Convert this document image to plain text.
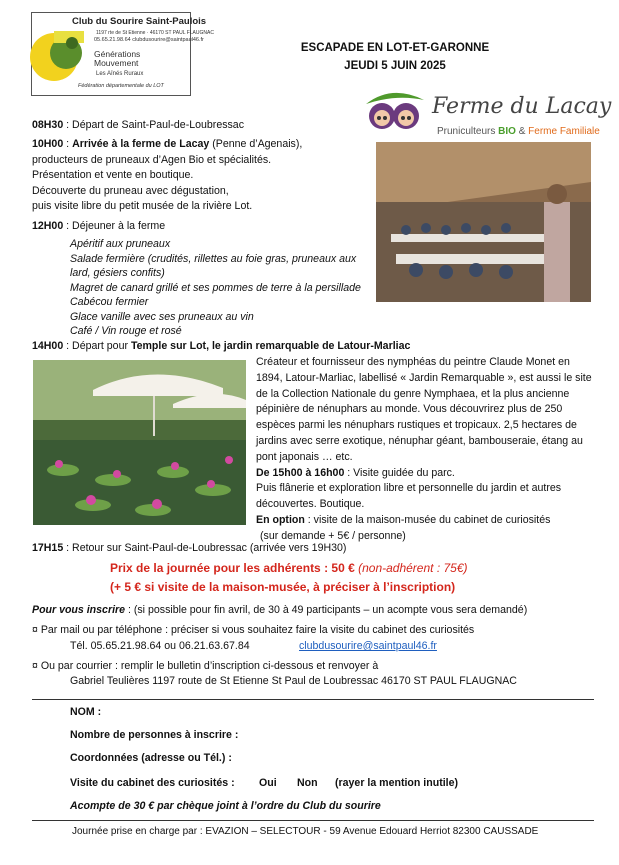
Club du Sourire Saint-Paulois
1197 rte de St Etienne · 46170 ST PAUL FLAUGNAC
05.65.21.98.64 clubdusourire@saintpaul46.fr
Générations
Mouvement
Les Aînés Ruraux
Fédération départementale du LOT
ESCAPADE EN LOT-ET-GARONNE
JEUDI 5 JUIN 2025
Ferme du Lacay
Pruniculteurs BIO & Ferme Familiale
08H30 : Départ de Saint-Paul-de-Loubressac
10H00 : Arrivée à la ferme de Lacay (Penne d’Agenais),
producteurs de pruneaux d’Agen Bio et spécialités.
Présentation et vente en boutique.
Découverte du pruneau avec dégustation,
puis visite libre du petit musée de la rivière Lot.
12H00 : Déjeuner à la ferme
Apéritif aux pruneaux
Salade fermière (crudités, rillettes au foie gras, pruneaux aux
lard, gésiers confits)
Magret de canard grillé et ses pommes de terre à la persillade
Cabécou fermier
Glace vanille avec ses pruneaux au vin
Café / Vin rouge et rosé
14H00 : Départ pour Temple sur Lot, le jardin remarquable de Latour-Marliac
Créateur et fournisseur des nymphéas du peintre Claude Monet en 1894, Latour-Marliac, labellisé « Jardin Remarquable », est aussi le site de la Collection Nationale du genre Nymphaea, et la plus ancienne pépinière de nénuphars au monde. Vous découvrirez plus de 250 espèces parmi les nénuphars rustiques et tropicaux. 2,5 hectares de jardins avec serre exotique, nénuphar géant, bambouseraie, étang au pont japonais … etc.
De 15h00 à 16h00 : Visite guidée du parc.
Puis flânerie et exploration libre et personnelle du jardin et autres découvertes. Boutique.
En option : visite de la maison-musée du cabinet de curiosités
(sur demande + 5€ / personne)
17H15 : Retour sur Saint-Paul-de-Loubressac (arrivée vers 19H30)
Prix de la journée pour les adhérents : 50 € (non-adhérent : 75€)
(+ 5 € si visite de la maison-musée, à préciser à l’inscription)
Pour vous inscrire : (si possible pour fin avril, de 30 à 49 participants – un acompte vous sera demandé)
¤ Par mail ou par téléphone : préciser si vous souhaitez faire la visite du cabinet des curiosités
Tél. 05.65.21.98.64 ou 06.21.63.67.84	clubdusourire@saintpaul46.fr
¤ Ou par courrier : remplir le bulletin d’inscription ci-dessous et renvoyer à
Gabriel Teulières 1197 route de St Etienne St Paul de Loubressac 46170 ST PAUL FLAUGNAC
NOM :
Nombre de personnes à inscrire :
Coordonnées (adresse ou Tél.) :
Visite du cabinet des curiosités : Oui Non (rayer la mention inutile)
Acompte de 30 € par chèque joint à l’ordre du Club du sourire
Journée prise en charge par : EVAZION – SELECTOUR - 59 Avenue Edouard Herriot 82300 CAUSSADE
